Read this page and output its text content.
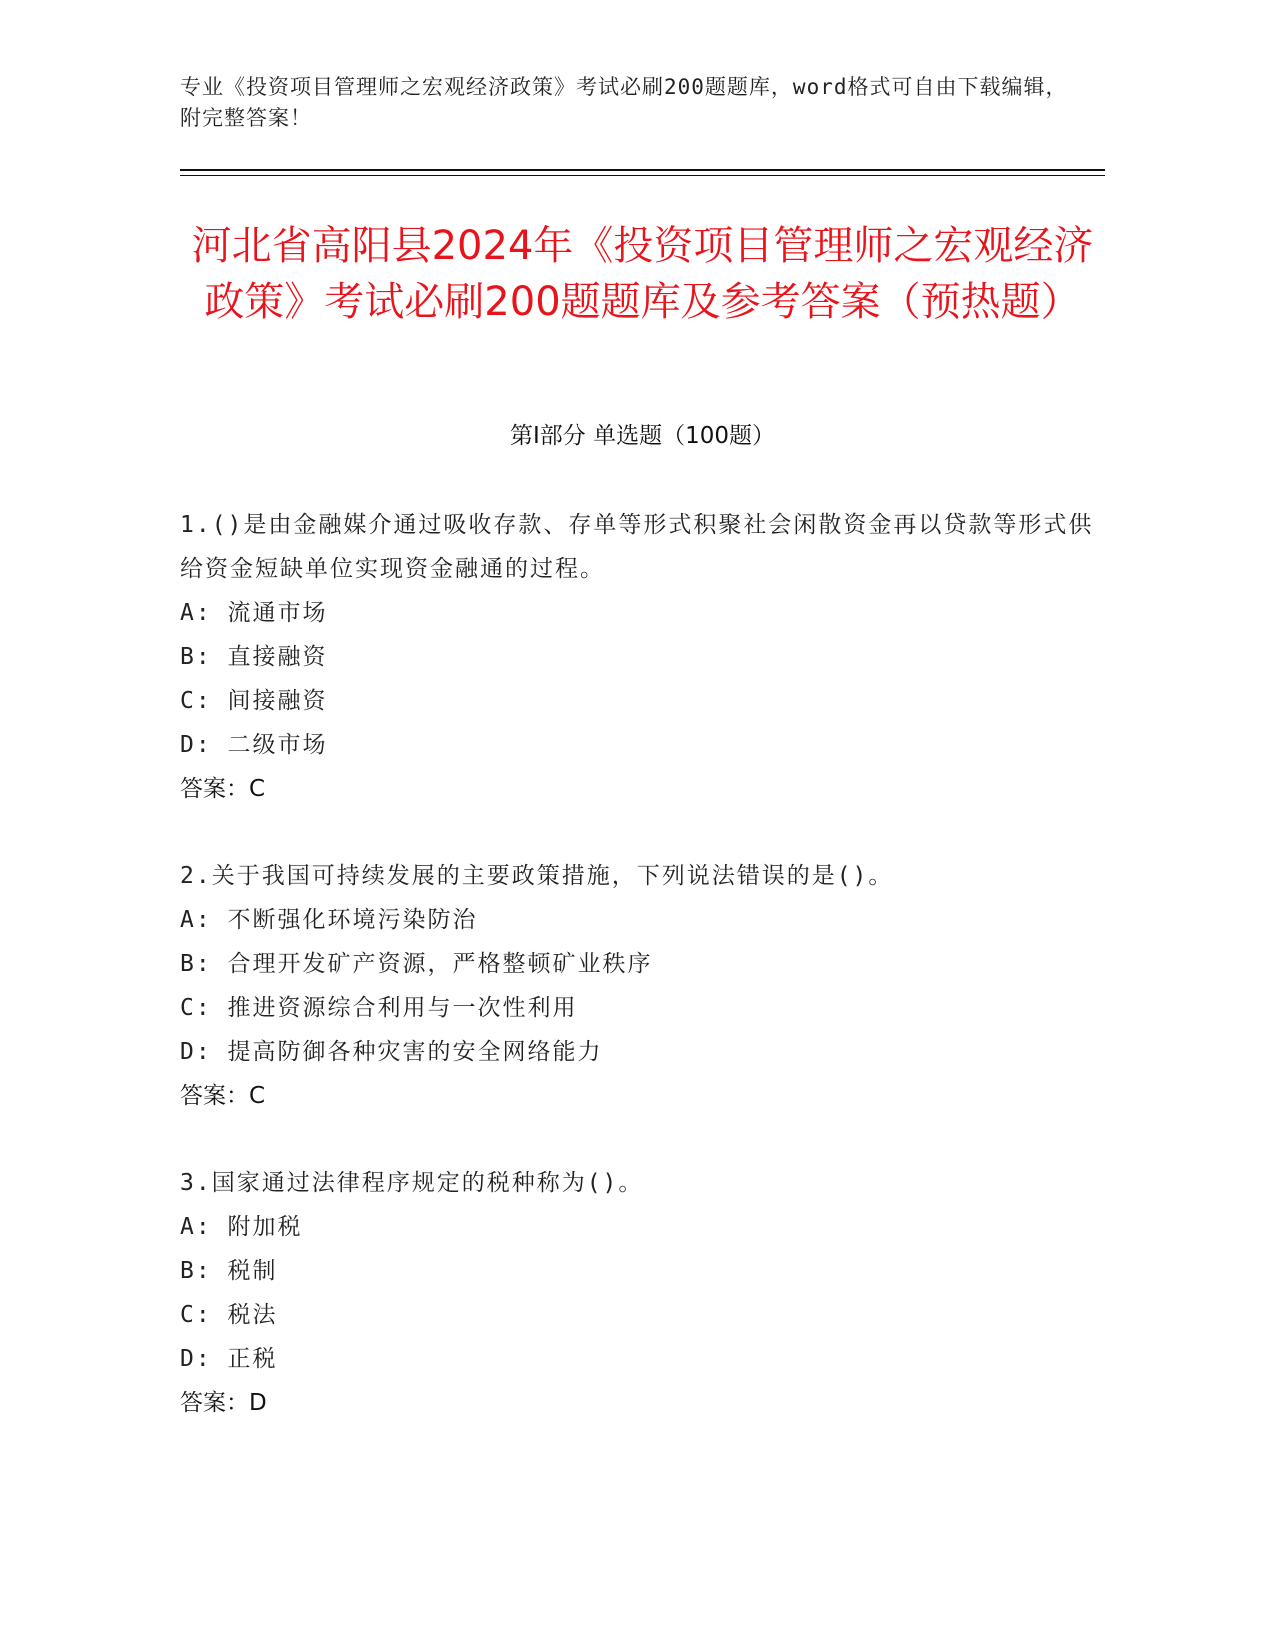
专业《投资项目管理师之宏观经济政策》考试必刷200题题库，word格式可自由下载编辑，附完整答案！
河北省高阳县2024年《投资项目管理师之宏观经济政策》考试必刷200题题库及参考答案（预热题）
第Ⅰ部分 单选题（100题）
1.()是由金融媒介通过吸收存款、存单等形式积聚社会闲散资金再以贷款等形式供给资金短缺单位实现资金融通的过程。
A: 流通市场
B: 直接融资
C: 间接融资
D: 二级市场
答案：C
2.关于我国可持续发展的主要政策措施，下列说法错误的是()。
A: 不断强化环境污染防治
B: 合理开发矿产资源，严格整顿矿业秩序
C: 推进资源综合利用与一次性利用
D: 提高防御各种灾害的安全网络能力
答案：C
3.国家通过法律程序规定的税种称为()。
A: 附加税
B: 税制
C: 税法
D: 正税
答案：D
